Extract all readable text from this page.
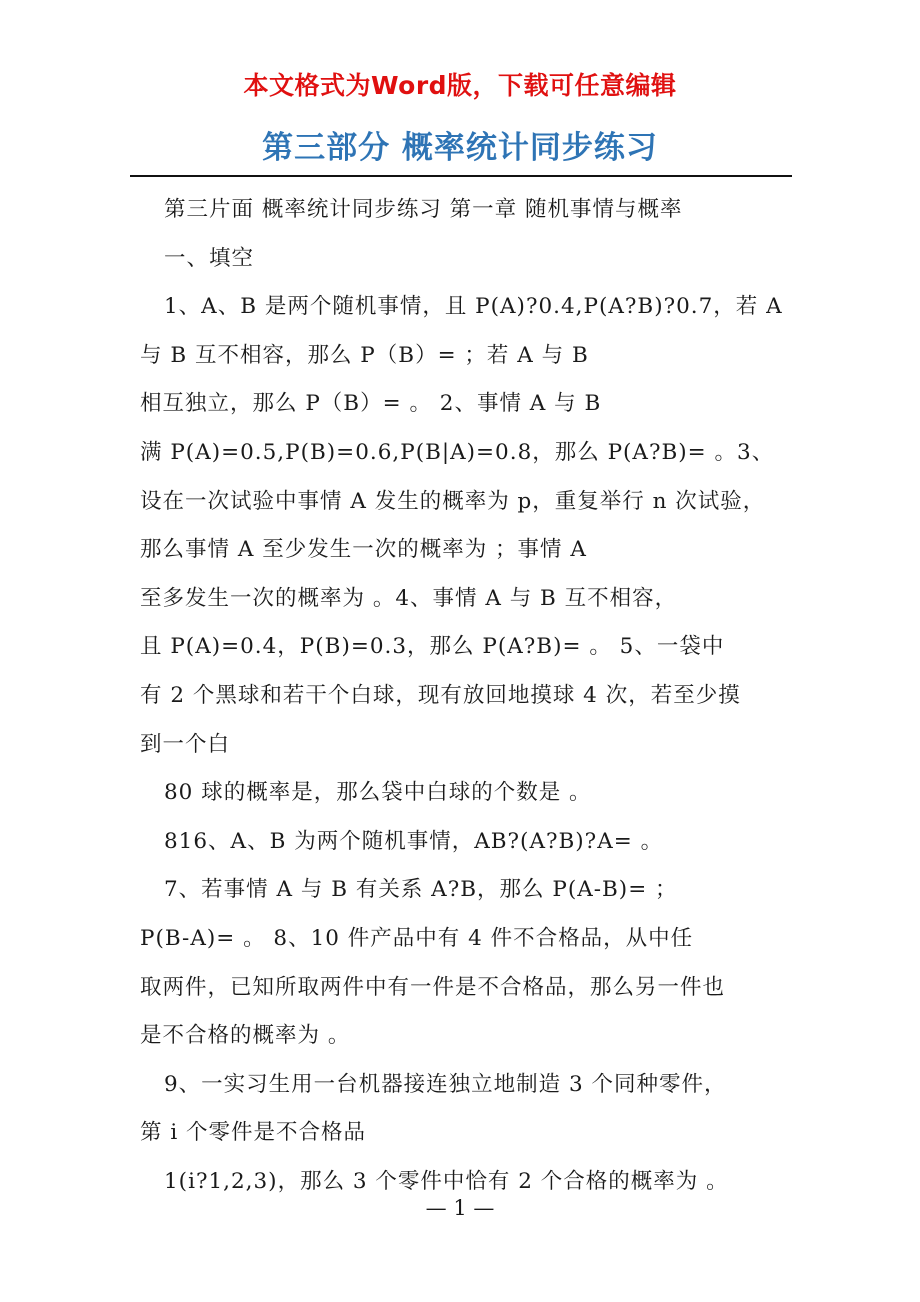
本文格式为Word版，下载可任意编辑
第三部分 概率统计同步练习
第三片面 概率统计同步练习 第一章 随机事情与概率
一、填空
1、A、B 是两个随机事情，且 P(A)?0.4,P(A?B)?0.7，若 A
与 B 互不相容，那么 P（B）= ；若 A 与 B
相互独立，那么 P（B）= 。 2、事情 A 与 B
满 P(A)=0.5,P(B)=0.6,P(B|A)=0.8，那么 P(A?B)= 。3、
设在一次试验中事情 A 发生的概率为 p，重复举行 n 次试验，
那么事情 A 至少发生一次的概率为 ；事情 A
至多发生一次的概率为 。4、事情 A 与 B 互不相容，
且 P(A)=0.4，P(B)=0.3，那么 P(A?B)= 。 5、一袋中
有 2 个黑球和若干个白球，现有放回地摸球 4 次，若至少摸
到一个白
80 球的概率是，那么袋中白球的个数是 。
816、A、B 为两个随机事情，AB?(A?B)?A= 。
7、若事情 A 与 B 有关系 A?B，那么 P(A-B)= ；
P(B-A)= 。 8、10 件产品中有 4 件不合格品，从中任
取两件，已知所取两件中有一件是不合格品，那么另一件也
是不合格的概率为 。
9、一实习生用一台机器接连独立地制造 3 个同种零件，
第 i 个零件是不合格品
1(i?1,2,3)，那么 3 个零件中恰有 2 个合格的概率为 。
— 1 —
